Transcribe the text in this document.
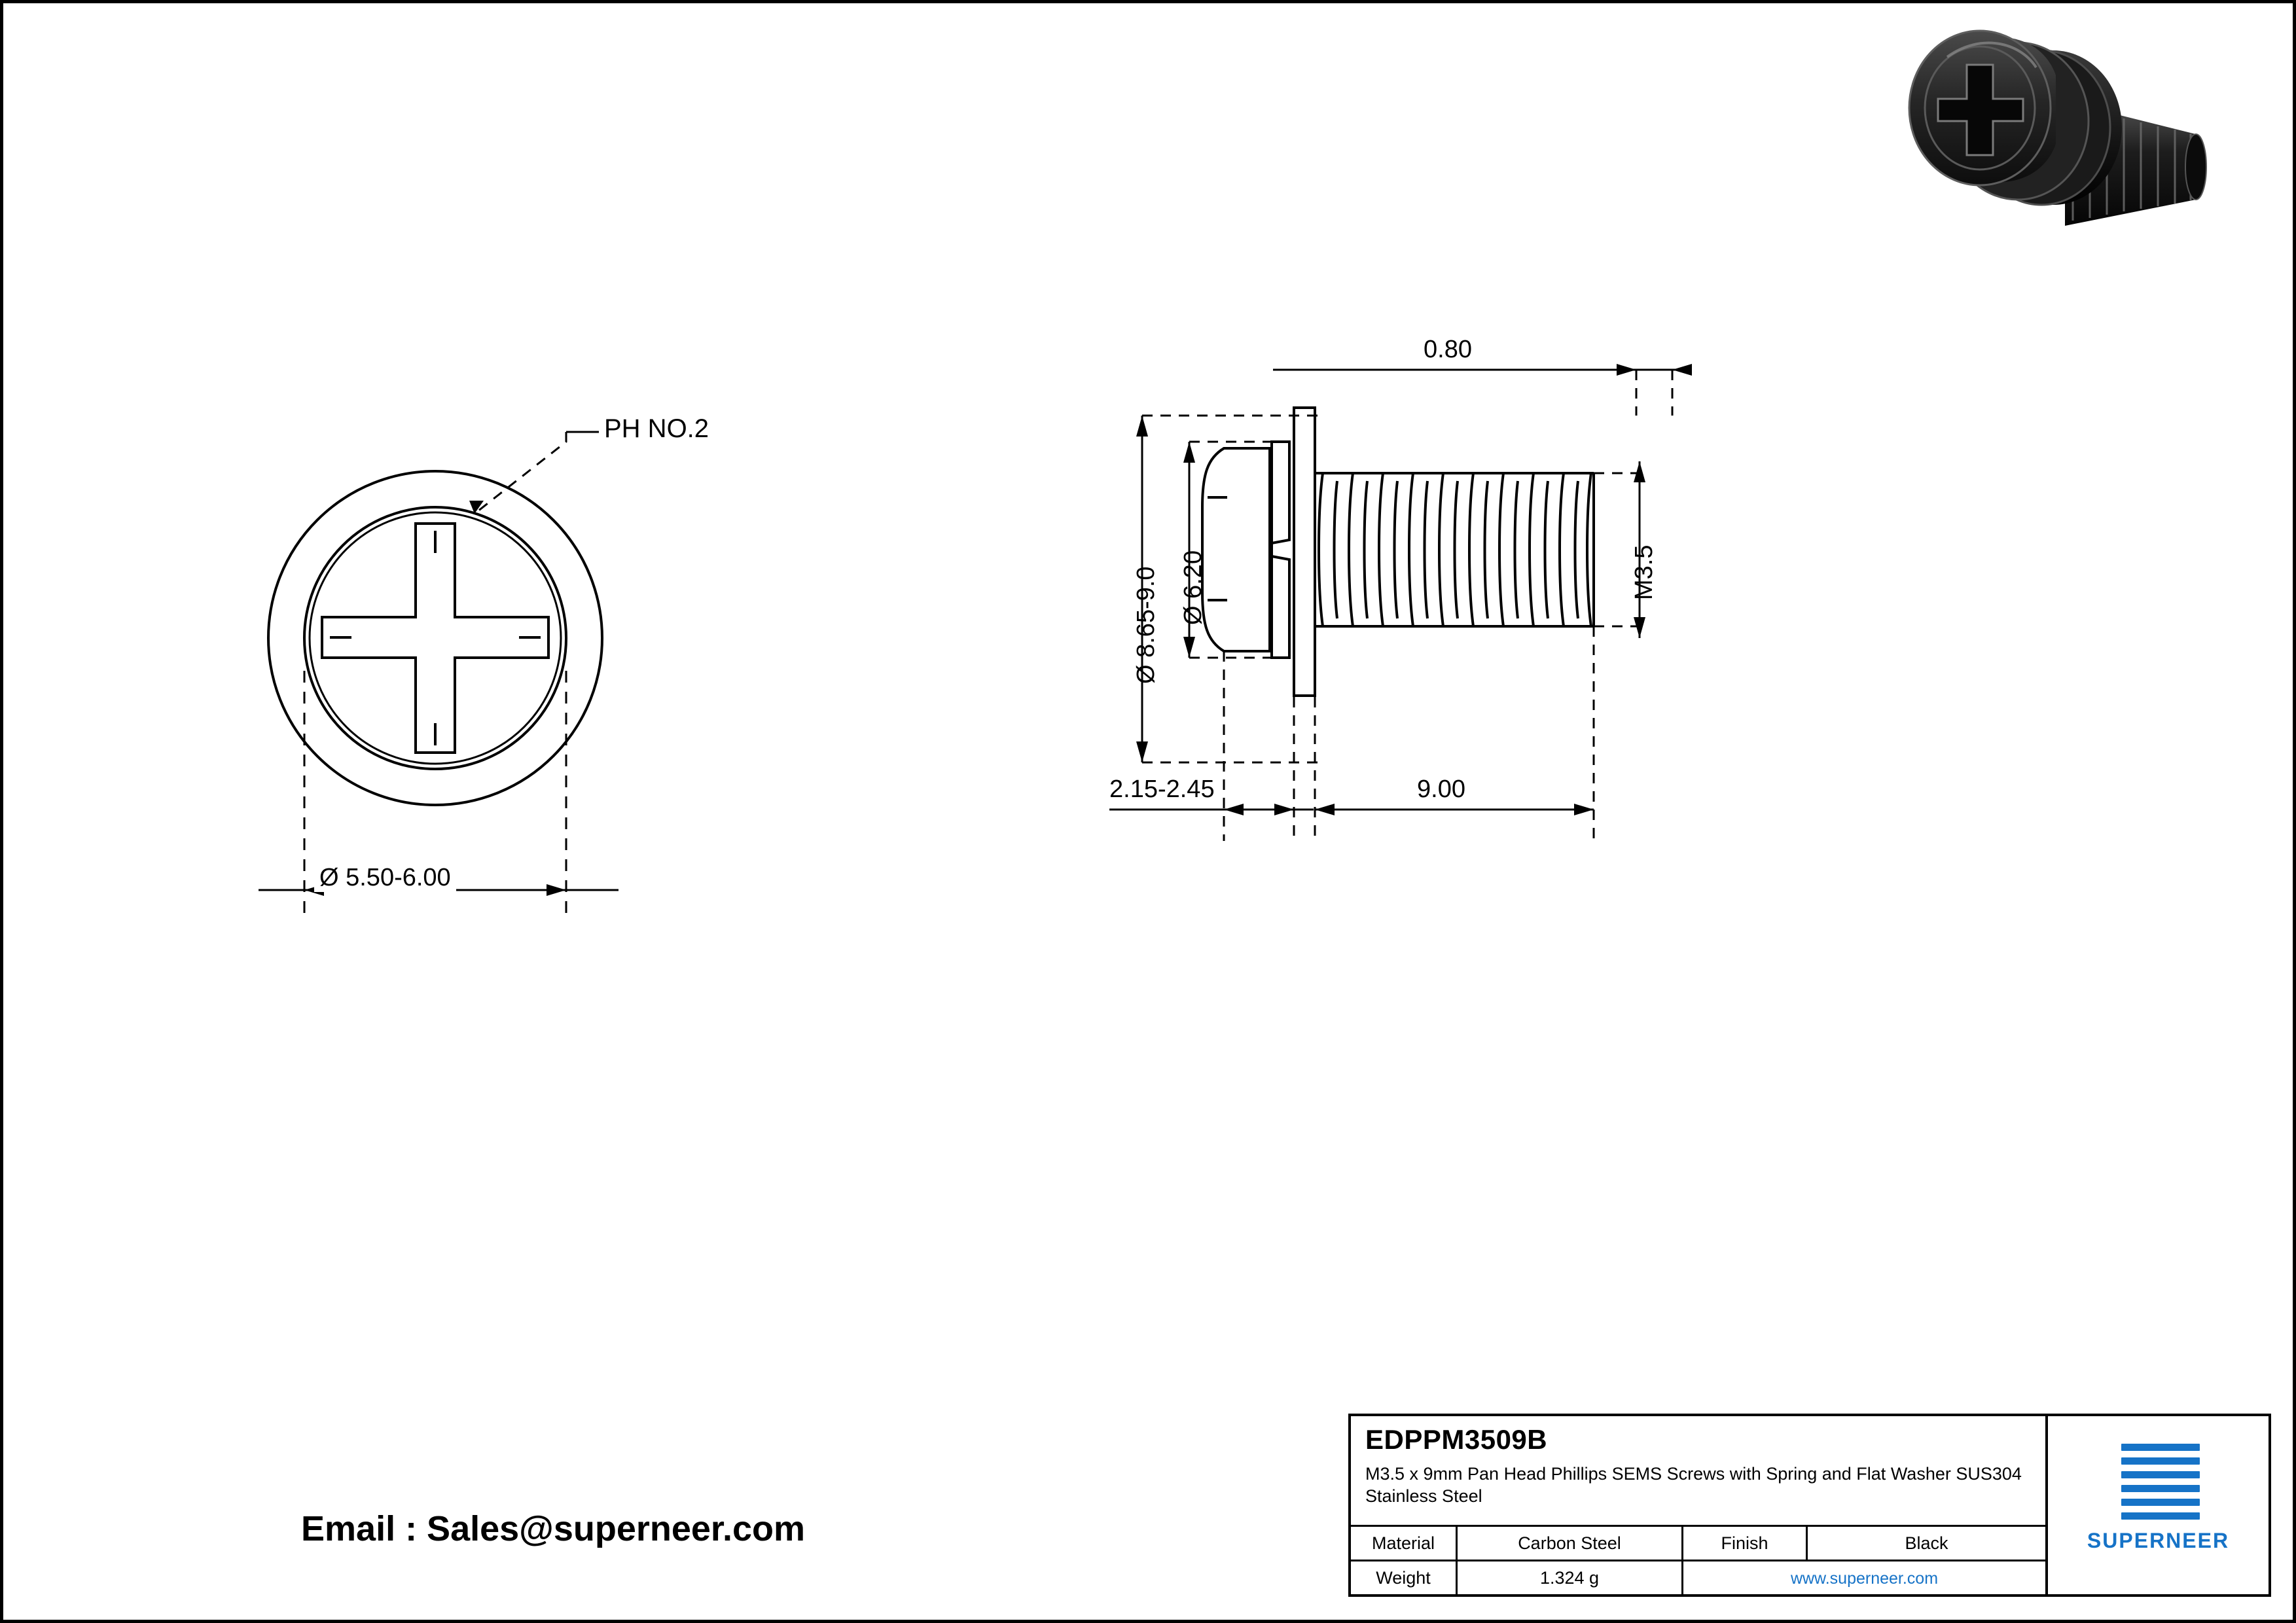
PH NO.2
Ø 5.50-6.00
0.80
Ø 8.65-9.0 Ø 6.20	M3.5
2.15-2.45	9.00
Email : Sales@superneer.com
EDPPM3509B
M3.5 x 9mm Pan Head Phillips SEMS Screws with Spring and Flat Washer SUS304 Stainless Steel
Material	Carbon Steel	Finish	Black
Weight	1.324 g	www.superneer.com	
SUPERNEER
